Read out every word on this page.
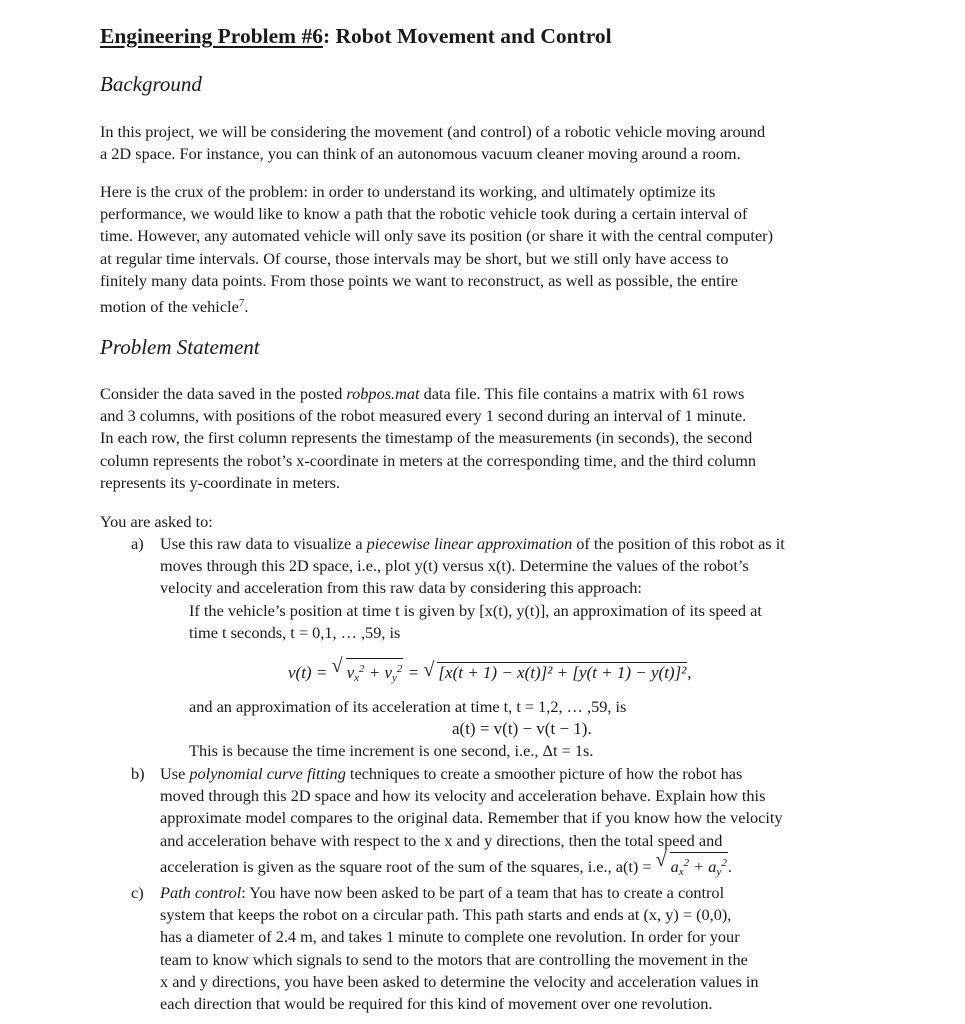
Engineering Problem #6: Robot Movement and Control
Background
In this project, we will be considering the movement (and control) of a robotic vehicle moving around
a 2D space. For instance, you can think of an autonomous vacuum cleaner moving around a room.
Here is the crux of the problem: in order to understand its working, and ultimately optimize its
performance, we would like to know a path that the robotic vehicle took during a certain interval of
time. However, any automated vehicle will only save its position (or share it with the central computer)
at regular time intervals. Of course, those intervals may be short, but we still only have access to
finitely many data points. From those points we want to reconstruct, as well as possible, the entire
motion of the vehicle$^7$.
Problem Statement
Consider the data saved in the posted robpos.mat data file. This file contains a matrix with 61 rows
and 3 columns, with positions of the robot measured every 1 second during an interval of 1 minute.
In each row, the first column represents the timestamp of the measurements (in seconds), the second
column represents the robot’s x-coordinate in meters at the corresponding time, and the third column
represents its y-coordinate in meters.
You are asked to:
a) Use this raw data to visualize a piecewise linear approximation of the position of this robot as it
moves through this 2D space, i.e., plot y(t) versus x(t). Determine the values of the robot’s
velocity and acceleration from this raw data by considering this approach:
If the vehicle’s position at time t is given by [x(t), y(t)], an approximation of its speed at
time t seconds, t = 0,1, … ,59, is
v(t) = √ $v_x^2 + v_y^2$ = √ [x(t + 1) − x(t)]² + [y(t + 1) − y(t)]²,
and an approximation of its acceleration at time t, t = 1,2, … ,59, is
a(t) = v(t) − v(t − 1).
This is because the time increment is one second, i.e., Δt = 1s.
b) Use polynomial curve fitting techniques to create a smoother picture of how the robot has
moved through this 2D space and how its velocity and acceleration behave. Explain how this
approximate model compares to the original data. Remember that if you know how the velocity
and acceleration behave with respect to the x and y directions, then the total speed and
acceleration is given as the square root of the sum of the squares, i.e., a(t) = √ $a_x^2 + a_y^2$.
c) Path control: You have now been asked to be part of a team that has to create a control
system that keeps the robot on a circular path. This path starts and ends at (x, y) = (0,0),
has a diameter of 2.4 m, and takes 1 minute to complete one revolution. In order for your
team to know which signals to send to the motors that are controlling the movement in the
x and y directions, you have been asked to determine the velocity and acceleration values in
each direction that would be required for this kind of movement over one revolution.
